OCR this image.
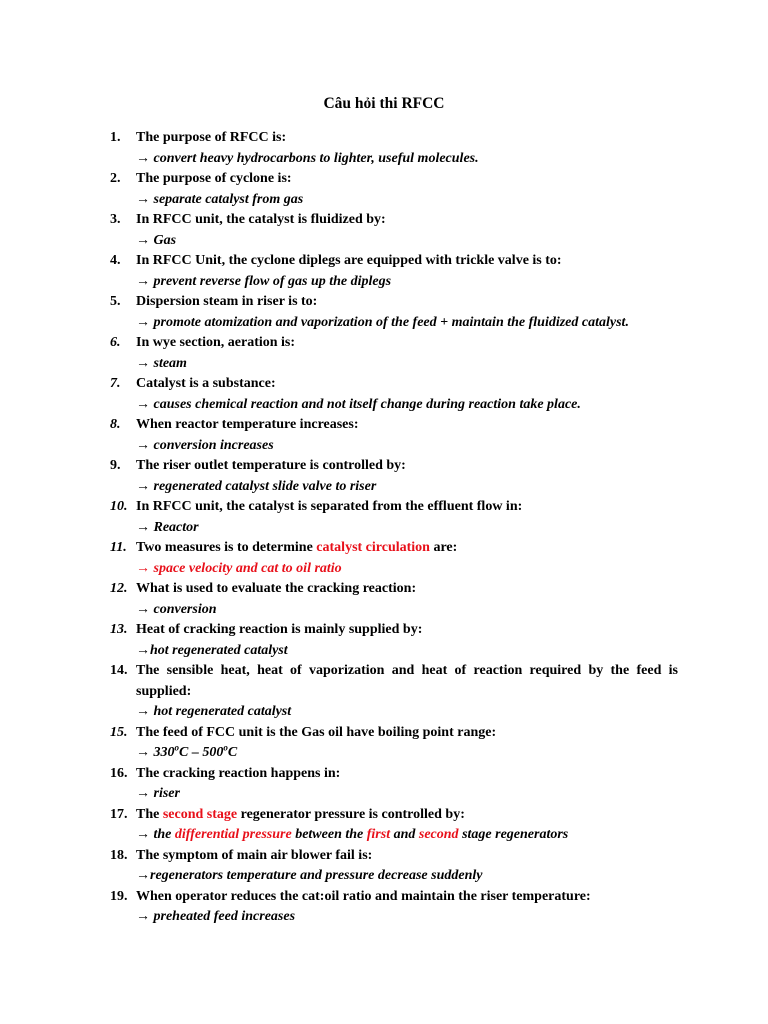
Câu hỏi thi RFCC
1.	The purpose of RFCC is:
→ convert heavy hydrocarbons to lighter, useful molecules.
2.	The purpose of cyclone is:
→ separate catalyst from gas
3.	In RFCC unit, the catalyst is fluidized by:
→ Gas
4.	In RFCC Unit, the cyclone diplegs are equipped with trickle valve is to:
→ prevent reverse flow of gas up the diplegs
5.	Dispersion steam in riser is to:
→ promote atomization and vaporization of the feed + maintain the fluidized catalyst.
6.	In wye section, aeration is:
→ steam
7.	Catalyst is a substance:
→ causes chemical reaction and not itself change during reaction take place.
8.	When reactor temperature increases:
→ conversion increases
9.	The riser outlet temperature is controlled by:
→ regenerated catalyst slide valve to riser
10. In RFCC unit, the catalyst is separated from the effluent flow in:
→ Reactor
11. Two measures is to determine catalyst circulation are:
→ space velocity and cat to oil ratio
12. What is used to evaluate the cracking reaction:
→ conversion
13. Heat of cracking reaction is mainly supplied by:
→hot regenerated catalyst
14. The sensible heat, heat of vaporization and heat of reaction required by the feed is supplied:
→ hot regenerated catalyst
15. The feed of FCC unit is the Gas oil have boiling point range:
→ $330^oC - 500^oC$
16. The cracking reaction happens in:
→ riser
17. The second stage regenerator pressure is controlled by:
→ the differential pressure between the first and second stage regenerators
18. The symptom of main air blower fail is:
→regenerators temperature and pressure decrease suddenly
19. When operator reduces the cat:oil ratio and maintain the riser temperature:
→ preheated feed increases
